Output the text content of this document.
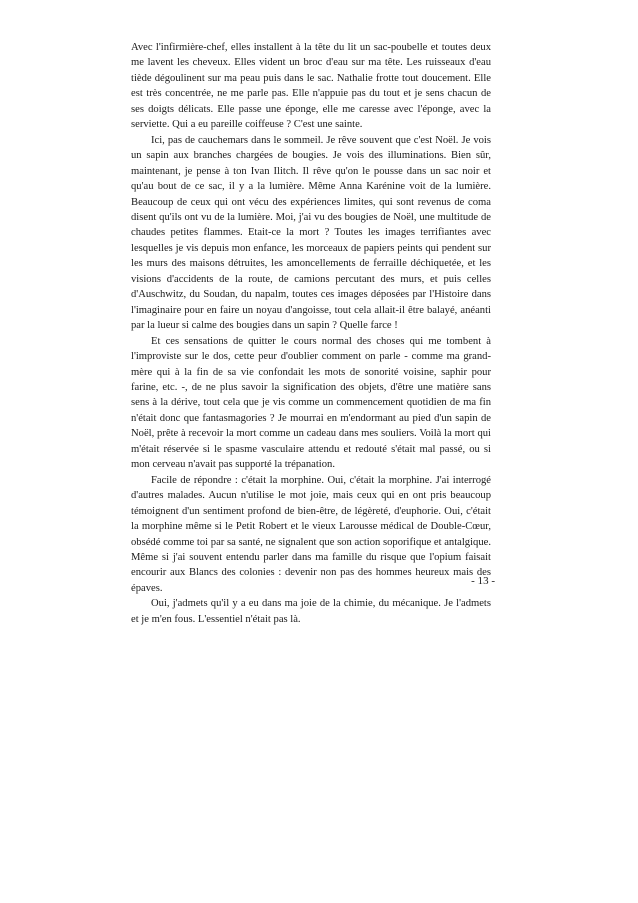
Avec l'infirmière-chef, elles installent à la tête du lit un sac-poubelle et toutes deux me lavent les cheveux. Elles vident un broc d'eau sur ma tête. Les ruisseaux d'eau tiède dégoulinent sur ma peau puis dans le sac. Nathalie frotte tout doucement. Elle est très concentrée, ne me parle pas. Elle n'appuie pas du tout et je sens chacun de ses doigts délicats. Elle passe une éponge, elle me caresse avec l'éponge, avec la serviette. Qui a eu pareille coiffeuse ? C'est une sainte.

Ici, pas de cauchemars dans le sommeil. Je rêve souvent que c'est Noël. Je vois un sapin aux branches chargées de bougies. Je vois des illuminations. Bien sûr, maintenant, je pense à ton Ivan Ilitch. Il rêve qu'on le pousse dans un sac noir et qu'au bout de ce sac, il y a la lumière. Même Anna Karénine voit de la lumière. Beaucoup de ceux qui ont vécu des expériences limites, qui sont revenus de coma disent qu'ils ont vu de la lumière. Moi, j'ai vu des bougies de Noël, une multitude de chaudes petites flammes. Etait-ce la mort ? Toutes les images terrifiantes avec lesquelles je vis depuis mon enfance, les morceaux de papiers peints qui pendent sur les murs des maisons détruites, les amoncellements de ferraille déchiquetée, et les visions d'accidents de la route, de camions percutant des murs, et puis celles d'Auschwitz, du Soudan, du napalm, toutes ces images déposées par l'Histoire dans l'imaginaire pour en faire un noyau d'angoisse, tout cela allait-il être balayé, anéanti par la lueur si calme des bougies dans un sapin ? Quelle farce !

Et ces sensations de quitter le cours normal des choses qui me tombent à l'improviste sur le dos, cette peur d'oublier comment on parle - comme ma grand-mère qui à la fin de sa vie confondait les mots de sonorité voisine, saphir pour farine, etc. -, de ne plus savoir la signification des objets, d'être une matière sans sens à la dérive, tout cela que je vis comme un commencement quotidien de ma fin n'était donc que fantasmagories ? Je mourrai en m'endormant au pied d'un sapin de Noël, prête à recevoir la mort comme un cadeau dans mes souliers. Voilà la mort qui m'était réservée si le spasme vasculaire attendu et redouté s'était mal passé, ou si mon cerveau n'avait pas supporté la trépanation.

Facile de répondre : c'était la morphine. Oui, c'était la morphine. J'ai interrogé d'autres malades. Aucun n'utilise le mot joie, mais ceux qui en ont pris beaucoup témoignent d'un sentiment profond de bien-être, de légèreté, d'euphorie. Oui, c'était la morphine même si le Petit Robert et le vieux Larousse médical de Double-Cœur, obsédé comme toi par sa santé, ne signalent que son action soporifique et antalgique. Même si j'ai souvent entendu parler dans ma famille du risque que l'opium faisait encourir aux Blancs des colonies : devenir non pas des hommes heureux mais des épaves.

Oui, j'admets qu'il y a eu dans ma joie de la chimie, du mécanique. Je l'admets et je m'en fous. L'essentiel n'était pas là.

- 13 -
